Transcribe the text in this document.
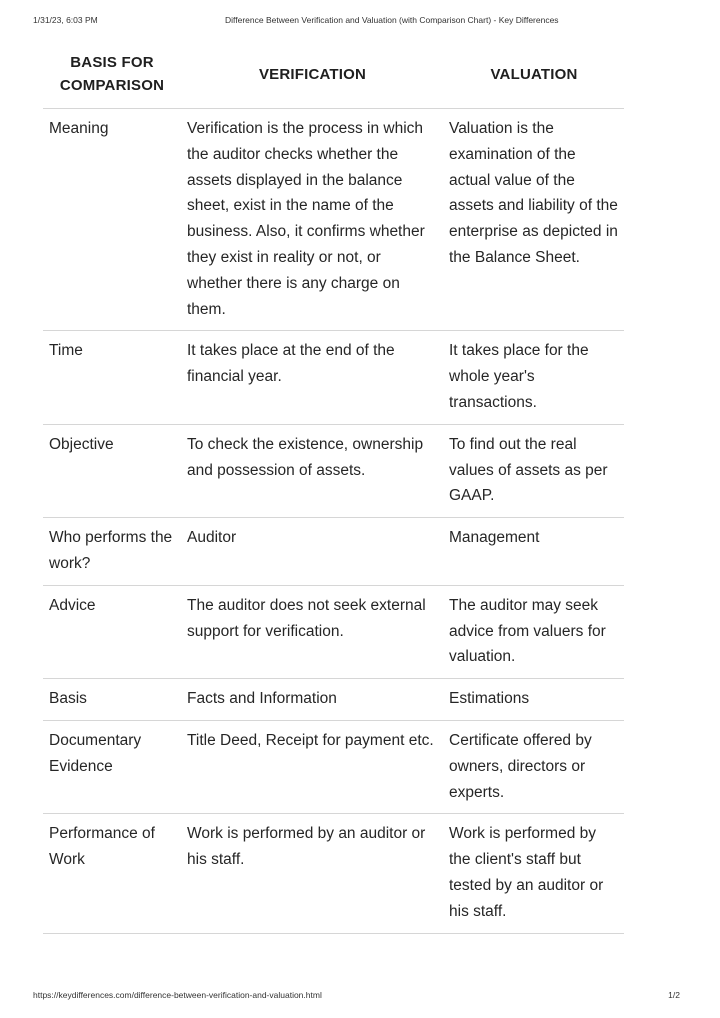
1/31/23, 6:03 PM	Difference Between Verification and Valuation (with Comparison Chart) - Key Differences
BASIS FOR
COMPARISON	VERIFICATION	VALUATION
Meaning	Verification is the process in which the auditor checks whether the assets displayed in the balance sheet, exist in the name of the business. Also, it confirms whether they exist in reality or not, or whether there is any charge on them.	Valuation is the examination of the actual value of the assets and liability of the enterprise as depicted in the Balance Sheet.
Time	It takes place at the end of the financial year.	It takes place for the whole year's transactions.
Objective	To check the existence, ownership and possession of assets.	To find out the real values of assets as per GAAP.
Who performs the work?	Auditor	Management
Advice	The auditor does not seek external support for verification.	The auditor may seek advice from valuers for valuation.
Basis	Facts and Information	Estimations
Documentary Evidence	Title Deed, Receipt for payment etc.	Certificate offered by owners, directors or experts.
Performance of Work	Work is performed by an auditor or his staff.	Work is performed by the client's staff but tested by an auditor or his staff.
https://keydifferences.com/difference-between-verification-and-valuation.html	1/2
